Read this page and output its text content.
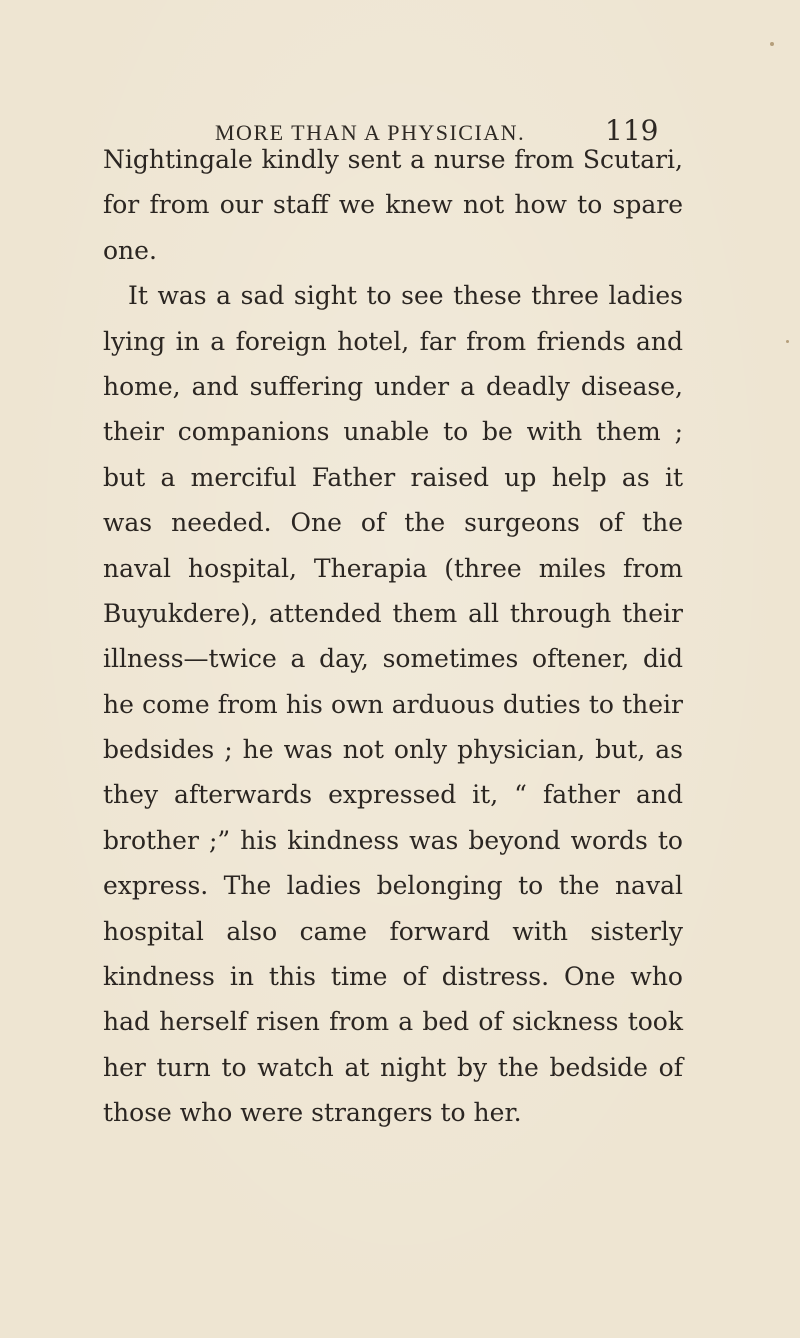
MORE THAN A PHYSICIAN.	119
Nightingale kindly sent a nurse from Scutari,
for from our staff we knew not how to spare
one.
It was a sad sight to see these three ladies
lying in a foreign hotel, far from friends and
home, and suffering under a deadly disease,
their companions unable to be with them ;
but a merciful Father raised up help as it
was needed. One of the surgeons of the
naval hospital, Therapia (three miles from
Buyukdere), attended them all through their
illness—twice a day, sometimes oftener, did
he come from his own arduous duties to their
bedsides ; he was not only physician, but, as
they afterwards expressed it, “ father and
brother ;” his kindness was beyond words to
express. The ladies belonging to the naval
hospital also came forward with sisterly
kindness in this time of distress. One who
had herself risen from a bed of sickness took
her turn to watch at night by the bedside of
those who were strangers to her.
